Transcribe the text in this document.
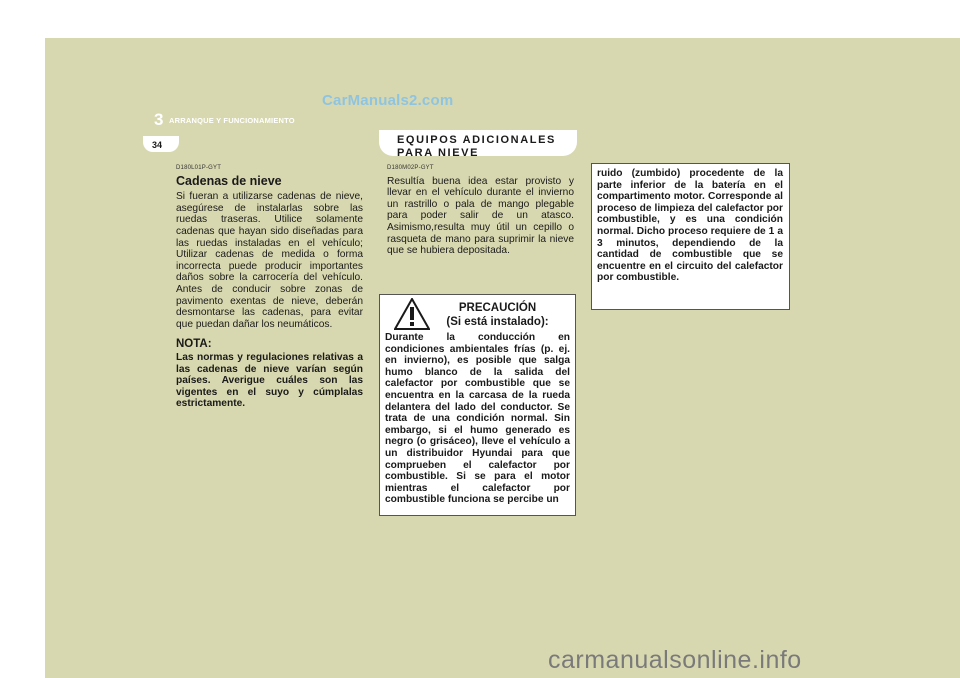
CarManuals2.com
3 ARRANQUE Y FUNCIONAMIENTO
34	EQUIPOS ADICIONALES PARA NIEVE

D180L01P-GYT

Cadenas de nieve

Si fueran a utilizarse cadenas de nieve, asegúrese de instalarlas sobre las ruedas traseras. Utilice solamente cadenas que hayan sido diseñadas para las ruedas instaladas en el vehículo; Utilizar cadenas de medida o forma incorrecta puede producir importantes daños sobre la carrocería del vehículo. Antes de conducir sobre zonas de pavimento exentas de nieve, deberán desmontarse las cadenas, para evitar que puedan dañar los neumáticos.

NOTA:

Las normas y regulaciones relativas a las cadenas de nieve varían según países. Averigue cuáles son las vigentes en el suyo y cúmplalas estrictamente.

D180M02P-GYT

Resultía buena idea estar provisto y llevar en el vehículo durante el invierno un rastrillo o pala de mango plegable para poder salir de un atasco. Asimismo,resulta muy útil un cepillo o rasqueta de mano para suprimir la nieve que se hubiera depositada.

PRECAUCIÓN

(Si está instalado):

Durante la conducción en condiciones ambientales frías (p. ej. en invierno), es posible que salga humo blanco de la salida del calefactor por combustible que se encuentra en la carcasa de la rueda delantera del lado del conductor. Se trata de una condición normal. Sin embargo, si el humo generado es negro (o grisáceo), lleve el vehículo a un distribuidor Hyundai para que comprueben el calefactor por combustible. Si se para el motor mientras el calefactor por combustible funciona se percibe un

ruido (zumbido) procedente de la parte inferior de la batería en el compartimento motor. Corresponde al proceso de limpieza del calefactor por combustible, y es una condición normal. Dicho proceso requiere de 1 a 3 minutos, dependiendo de la cantidad de combustible que se encuentre en el circuito del calefactor por combustible.

carmanualsonline.info
